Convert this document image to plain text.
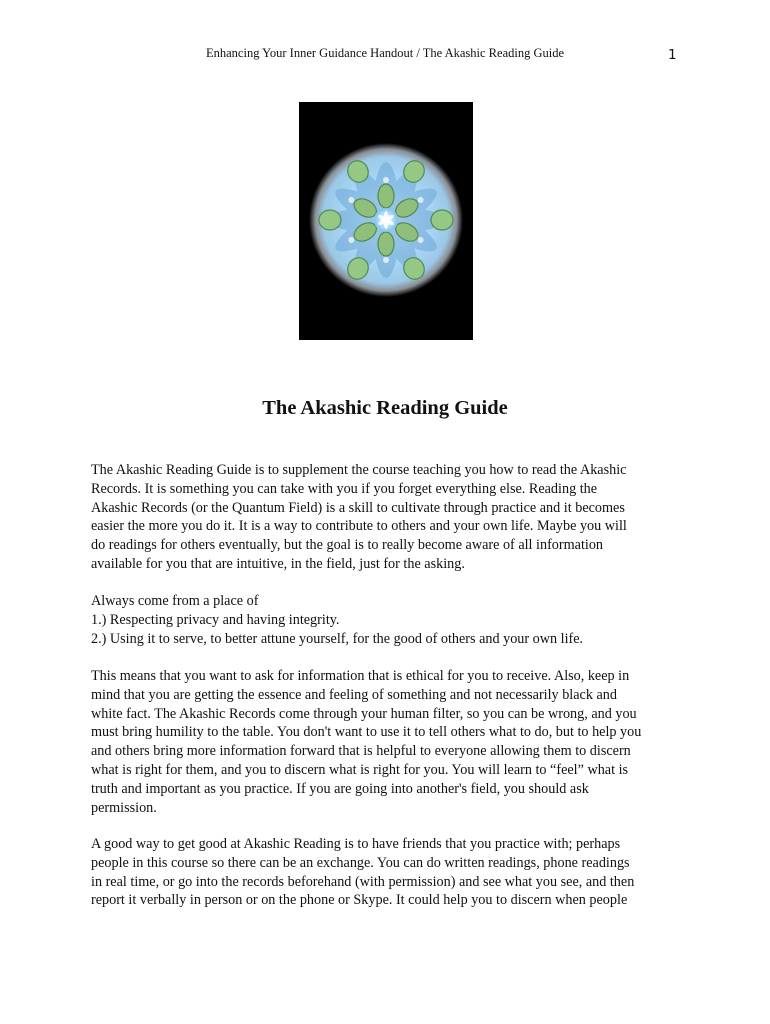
Enhancing Your Inner Guidance Handout / The Akashic Reading Guide	1
The Akashic Reading Guide

The Akashic Reading Guide is to supplement the course teaching you how to read the Akashic
Records. It is something you can take with you if you forget everything else. Reading the
Akashic Records (or the Quantum Field) is a skill to cultivate through practice and it becomes
easier the more you do it. It is a way to contribute to others and your own life. Maybe you will
do readings for others eventually, but the goal is to really become aware of all information
available for you that are intuitive, in the field, just for the asking.

Always come from a place of
1.) Respecting privacy and having integrity.
2.) Using it to serve, to better attune yourself, for the good of others and your own life.

This means that you want to ask for information that is ethical for you to receive. Also, keep in
mind that you are getting the essence and feeling of something and not necessarily black and
white fact. The Akashic Records come through your human filter, so you can be wrong, and you
must bring humility to the table. You don't want to use it to tell others what to do, but to help you
and others bring more information forward that is helpful to everyone allowing them to discern
what is right for them, and you to discern what is right for you. You will learn to “feel” what is
truth and important as you practice. If you are going into another's field, you should ask
permission.

A good way to get good at Akashic Reading is to have friends that you practice with; perhaps
people in this course so there can be an exchange. You can do written readings, phone readings
in real time, or go into the records beforehand (with permission) and see what you see, and then
report it verbally in person or on the phone or Skype. It could help you to discern when people
